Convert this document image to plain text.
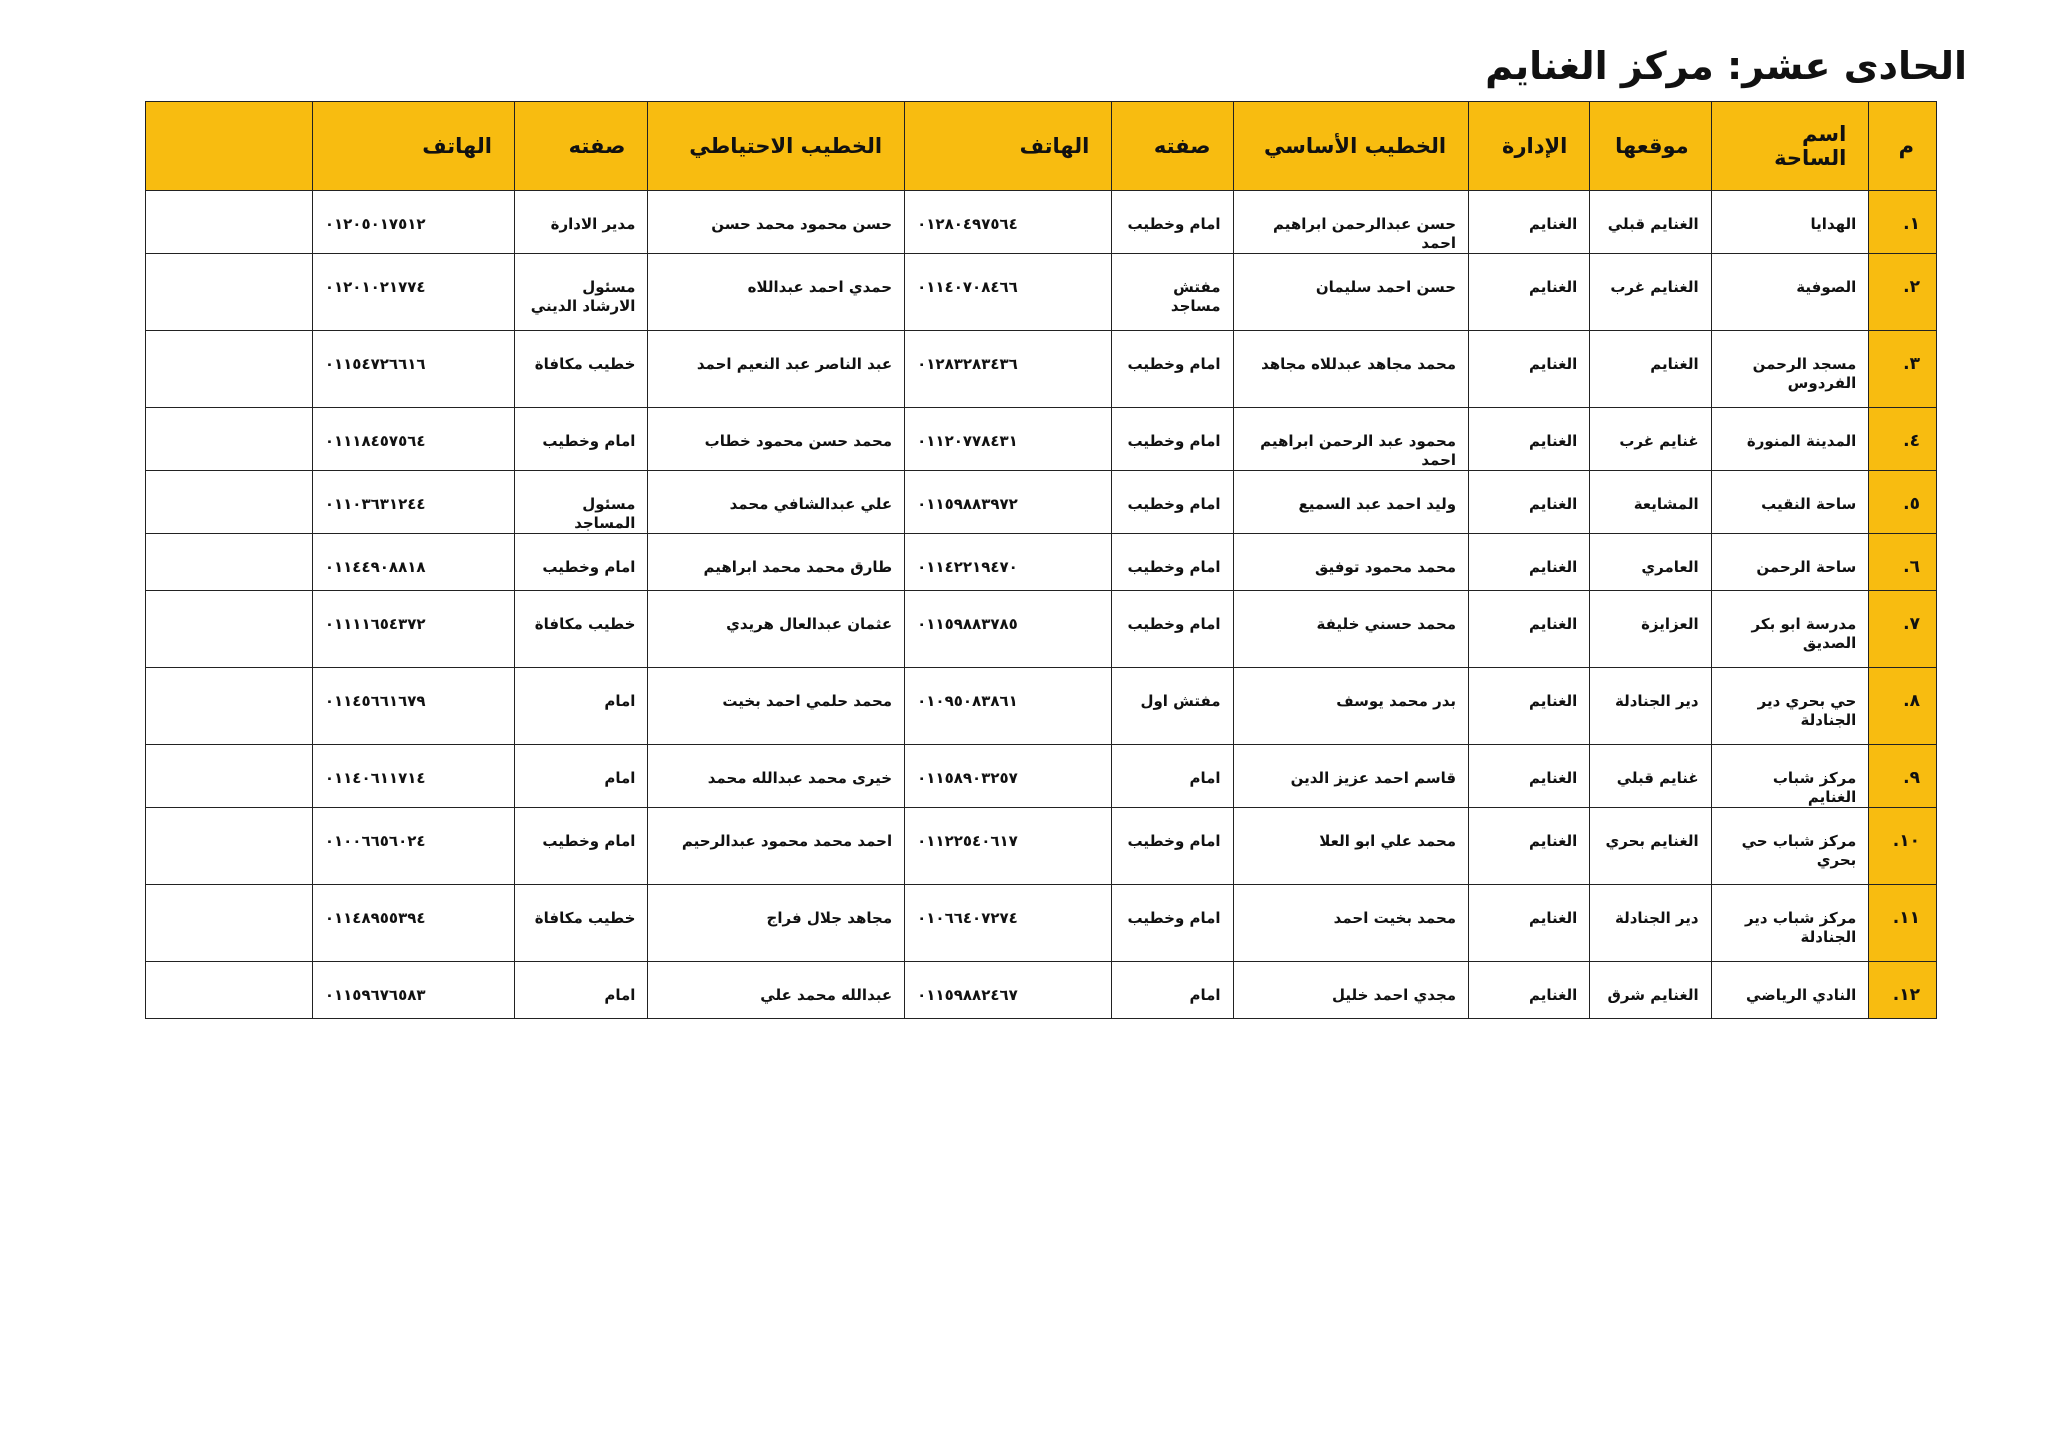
الحادى عشر: مركز الغنايم
م	اسم الساحة	موقعها	الإدارة	الخطيب الأساسي	صفته	الهاتف	الخطيب الاحتياطي	صفته	الهاتف	
١.	الهدايا	الغنايم قبلي	الغنايم	حسن عبدالرحمن ابراهيم احمد	امام وخطيب	٠١٢٨٠٤٩٧٥٦٤	حسن محمود محمد حسن	مدير الادارة	٠١٢٠٥٠١٧٥١٢	
٢.	الصوفية	الغنايم غرب	الغنايم	حسن احمد سليمان	مفتش مساجد	٠١١٤٠٧٠٨٤٦٦	حمدي احمد عبداللاه	مسئول الارشاد الديني	٠١٢٠١٠٢١٧٧٤	
٣.	مسجد الرحمن الفردوس	الغنايم	الغنايم	محمد مجاهد عبدللاه مجاهد	امام وخطيب	٠١٢٨٣٢٨٣٤٣٦	عبد الناصر عبد النعيم احمد	خطيب مكافاة	٠١١٥٤٧٢٦٦١٦	
٤.	المدينة المنورة	غنايم غرب	الغنايم	محمود عبد الرحمن ابراهيم احمد	امام وخطيب	٠١١٢٠٧٧٨٤٣١	محمد حسن محمود خطاب	امام وخطيب	٠١١١٨٤٥٧٥٦٤	
٥.	ساحة النقيب	المشايعة	الغنايم	وليد احمد عبد السميع	امام وخطيب	٠١١٥٩٨٨٣٩٧٢	علي عبدالشافي محمد	مسئول المساجد	٠١١٠٣٦٣١٢٤٤	
٦.	ساحة الرحمن	العامري	الغنايم	محمد محمود توفيق	امام وخطيب	٠١١٤٢٢١٩٤٧٠	طارق محمد محمد ابراهيم	امام وخطيب	٠١١٤٤٩٠٨٨١٨	
٧.	مدرسة ابو بكر الصديق	العزايزة	الغنايم	محمد حسني خليفة	امام وخطيب	٠١١٥٩٨٨٣٧٨٥	عثمان عبدالعال هريدي	خطيب مكافاة	٠١١١١٦٥٤٣٧٢	
٨.	حي بحري دير الجنادلة	دير الجنادلة	الغنايم	بدر محمد يوسف	مفتش اول	٠١٠٩٥٠٨٣٨٦١	محمد حلمي احمد بخيت	امام	٠١١٤٥٦٦١٦٧٩	
٩.	مركز شباب الغنايم	غنايم قبلي	الغنايم	قاسم احمد عزيز الدين	امام	٠١١٥٨٩٠٣٢٥٧	خيرى محمد عبدالله محمد	امام	٠١١٤٠٦١١٧١٤	
١٠.	مركز شباب حي بحري	الغنايم بحري	الغنايم	محمد علي ابو العلا	امام وخطيب	٠١١٢٢٥٤٠٦١٧	احمد محمد محمود عبدالرحيم	امام وخطيب	٠١٠٠٦٦٥٦٠٢٤	
١١.	مركز شباب دير الجنادلة	دير الجنادلة	الغنايم	محمد بخيت احمد	امام وخطيب	٠١٠٦٦٤٠٧٢٧٤	مجاهد جلال فراج	خطيب مكافاة	٠١١٤٨٩٥٥٣٩٤	
١٢.	النادي الرياضي	الغنايم شرق	الغنايم	مجدي احمد خليل	امام	٠١١٥٩٨٨٢٤٦٧	عبدالله محمد علي	امام	٠١١٥٩٦٧٦٥٨٣	
